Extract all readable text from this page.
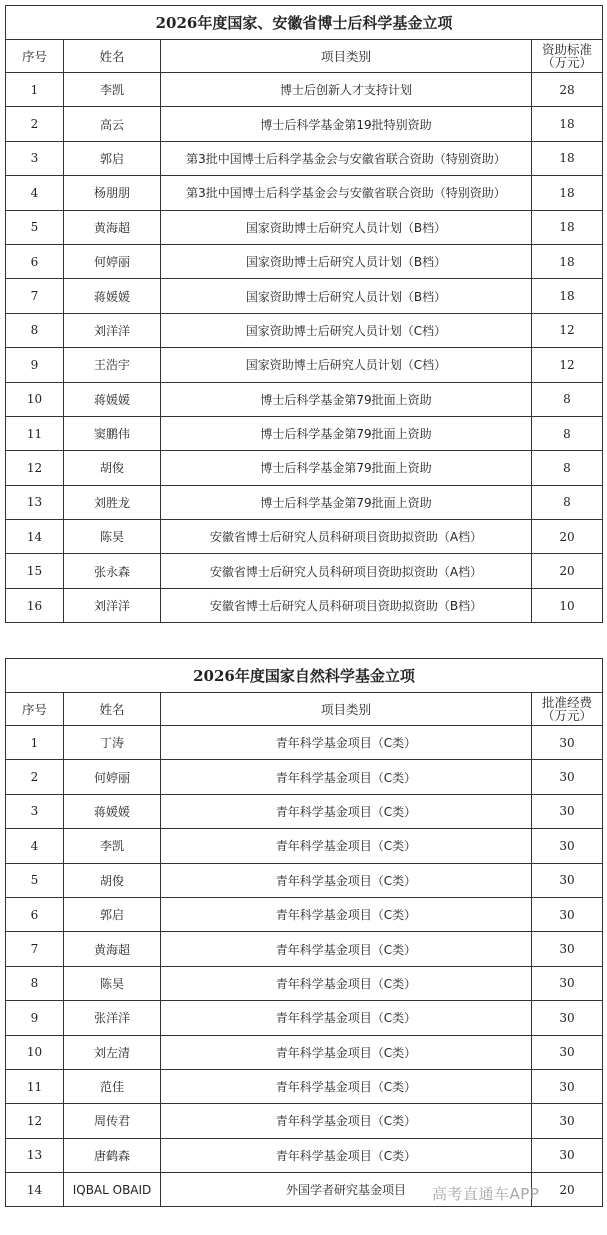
2026年度国家、安徽省博士后科学基金立项			
序号	姓名	项目类别	资助标准
（万元）

1	李凯	博士后创新人才支持计划	28
2	高云	博士后科学基金第19批特别资助	18
3	郭启	第3批中国博士后科学基金会与安徽省联合资助（特别资助）	18
4	杨朋朋	第3批中国博士后科学基金会与安徽省联合资助（特别资助）	18
5	黄海超	国家资助博士后研究人员计划（B档）	18
6	何婷丽	国家资助博士后研究人员计划（B档）	18
7	蒋媛媛	国家资助博士后研究人员计划（B档）	18
8	刘洋洋	国家资助博士后研究人员计划（C档）	12
9	王浩宇	国家资助博士后研究人员计划（C档）	12
10	蒋媛媛	博士后科学基金第79批面上资助	8
11	窦鹏伟	博士后科学基金第79批面上资助	8
12	胡俊	博士后科学基金第79批面上资助	8
13	刘胜龙	博士后科学基金第79批面上资助	8
14	陈昊	安徽省博士后研究人员科研项目资助拟资助（A档）	20
15	张永森	安徽省博士后研究人员科研项目资助拟资助（A档）	20
16	刘洋洋	安徽省博士后研究人员科研项目资助拟资助（B档）	10
2026年度国家自然科学基金立项			
序号	姓名	项目类别	批准经费
（万元）

1	丁涛	青年科学基金项目（C类）	30
2	何婷丽	青年科学基金项目（C类）	30
3	蒋媛媛	青年科学基金项目（C类）	30
4	李凯	青年科学基金项目（C类）	30
5	胡俊	青年科学基金项目（C类）	30
6	郭启	青年科学基金项目（C类）	30
7	黄海超	青年科学基金项目（C类）	30
8	陈昊	青年科学基金项目（C类）	30
9	张洋洋	青年科学基金项目（C类）	30
10	刘左清	青年科学基金项目（C类）	30
11	范佳	青年科学基金项目（C类）	30
12	周传君	青年科学基金项目（C类）	30
13	唐鹤森	青年科学基金项目（C类）	30
14	IQBAL OBAID	外国学者研究基金项目	20
高考直通车APP
